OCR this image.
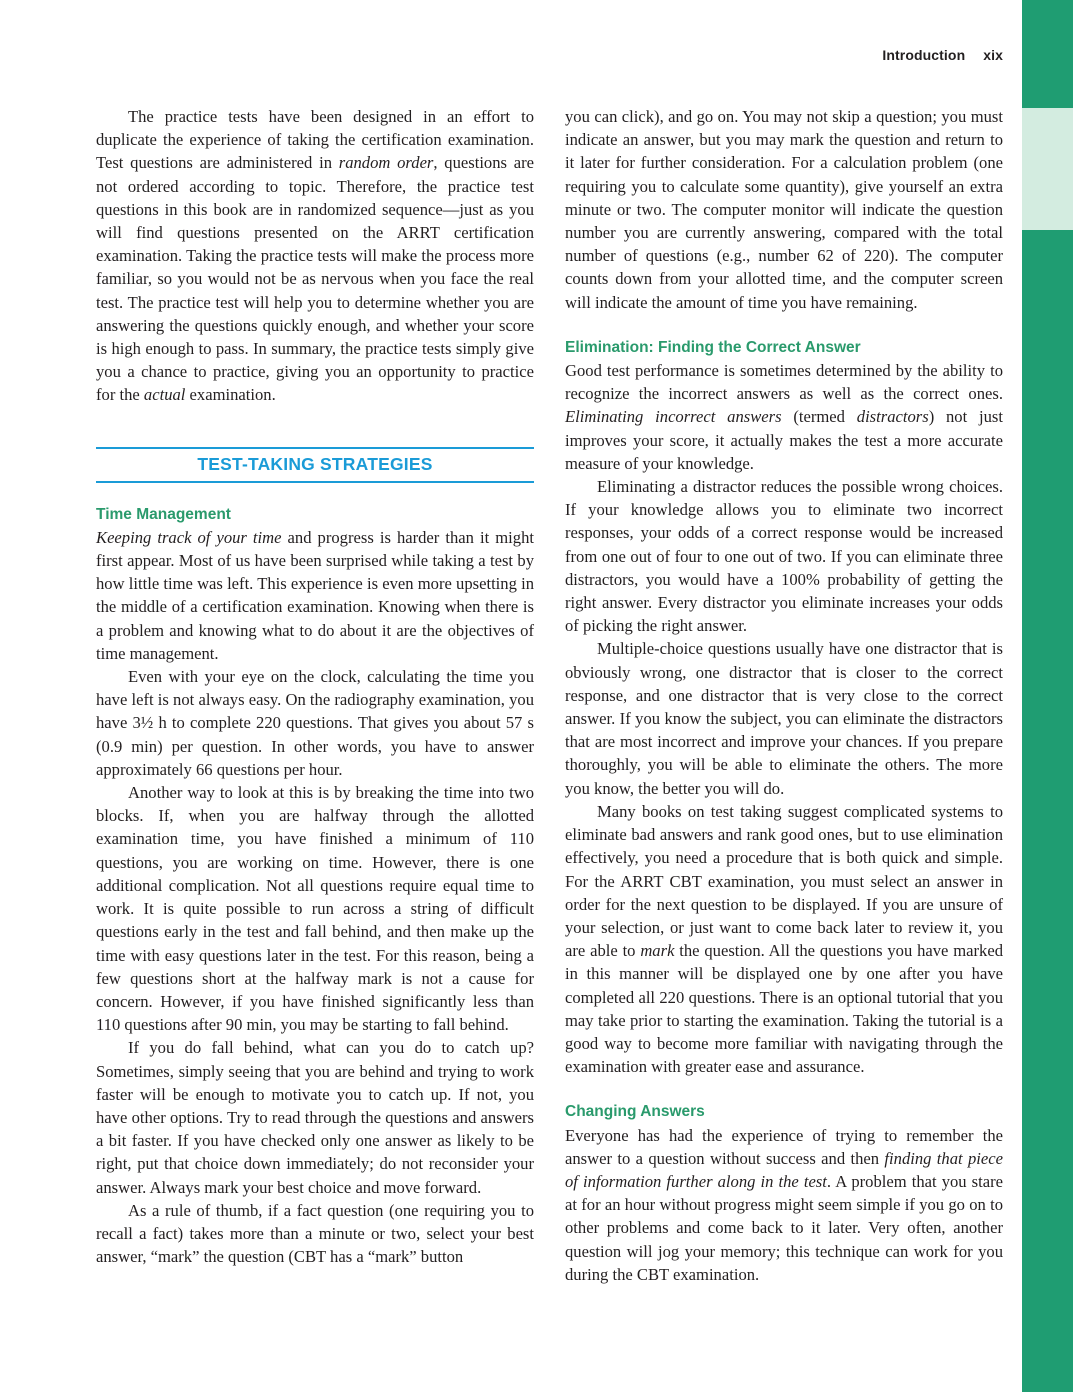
Introduction xix

The practice tests have been designed in an effort to duplicate the experience of taking the certification examination. Test questions are administered in random order, questions are not ordered according to topic. Therefore, the practice test questions in this book are in randomized sequence—just as you will find questions presented on the ARRT certification examination. Taking the practice tests will make the process more familiar, so you would not be as nervous when you face the real test. The practice test will help you to determine whether you are answering the questions quickly enough, and whether your score is high enough to pass. In summary, the practice tests simply give you a chance to practice, giving you an opportunity to practice for the actual examination.

TEST-TAKING STRATEGIES
Time Management

Keeping track of your time and progress is harder than it might first appear. Most of us have been surprised while taking a test by how little time was left. This experience is even more upsetting in the middle of a certification examination. Knowing when there is a problem and knowing what to do about it are the objectives of time management.

Even with your eye on the clock, calculating the time you have left is not always easy. On the radiography examination, you have 3½ h to complete 220 questions. That gives you about 57 s (0.9 min) per question. In other words, you have to answer approximately 66 questions per hour.

Another way to look at this is by breaking the time into two blocks. If, when you are halfway through the allotted examination time, you have finished a minimum of 110 questions, you are working on time. However, there is one additional complication. Not all questions require equal time to work. It is quite possible to run across a string of difficult questions early in the test and fall behind, and then make up the time with easy questions later in the test. For this reason, being a few questions short at the halfway mark is not a cause for concern. However, if you have finished significantly less than 110 questions after 90 min, you may be starting to fall behind.

If you do fall behind, what can you do to catch up? Sometimes, simply seeing that you are behind and trying to work faster will be enough to motivate you to catch up. If not, you have other options. Try to read through the questions and answers a bit faster. If you have checked only one answer as likely to be right, put that choice down immediately; do not reconsider your answer. Always mark your best choice and move forward.

As a rule of thumb, if a fact question (one requiring you to recall a fact) takes more than a minute or two, select your best answer, “mark” the question (CBT has a “mark” button

you can click), and go on. You may not skip a question; you must indicate an answer, but you may mark the question and return to it later for further consideration. For a calculation problem (one requiring you to calculate some quantity), give yourself an extra minute or two. The computer monitor will indicate the question number you are currently answering, compared with the total number of questions (e.g., number 62 of 220). The computer counts down from your allotted time, and the computer screen will indicate the amount of time you have remaining.

Elimination: Finding the Correct Answer

Good test performance is sometimes determined by the ability to recognize the incorrect answers as well as the correct ones. Eliminating incorrect answers (termed distractors) not just improves your score, it actually makes the test a more accurate measure of your knowledge.

Eliminating a distractor reduces the possible wrong choices. If your knowledge allows you to eliminate two incorrect responses, your odds of a correct response would be increased from one out of four to one out of two. If you can eliminate three distractors, you would have a 100% probability of getting the right answer. Every distractor you eliminate increases your odds of picking the right answer.

Multiple-choice questions usually have one distractor that is obviously wrong, one distractor that is closer to the correct response, and one distractor that is very close to the correct answer. If you know the subject, you can eliminate the distractors that are most incorrect and improve your chances. If you prepare thoroughly, you will be able to eliminate the others. The more you know, the better you will do.

Many books on test taking suggest complicated systems to eliminate bad answers and rank good ones, but to use elimination effectively, you need a procedure that is both quick and simple. For the ARRT CBT examination, you must select an answer in order for the next question to be displayed. If you are unsure of your selection, or just want to come back later to review it, you are able to mark the question. All the questions you have marked in this manner will be displayed one by one after you have completed all 220 questions. There is an optional tutorial that you may take prior to starting the examination. Taking the tutorial is a good way to become more familiar with navigating through the examination with greater ease and assurance.

Changing Answers

Everyone has had the experience of trying to remember the answer to a question without success and then finding that piece of information further along in the test. A problem that you stare at for an hour without progress might seem simple if you go on to other problems and come back to it later. Very often, another question will jog your memory; this technique can work for you during the CBT examination.
